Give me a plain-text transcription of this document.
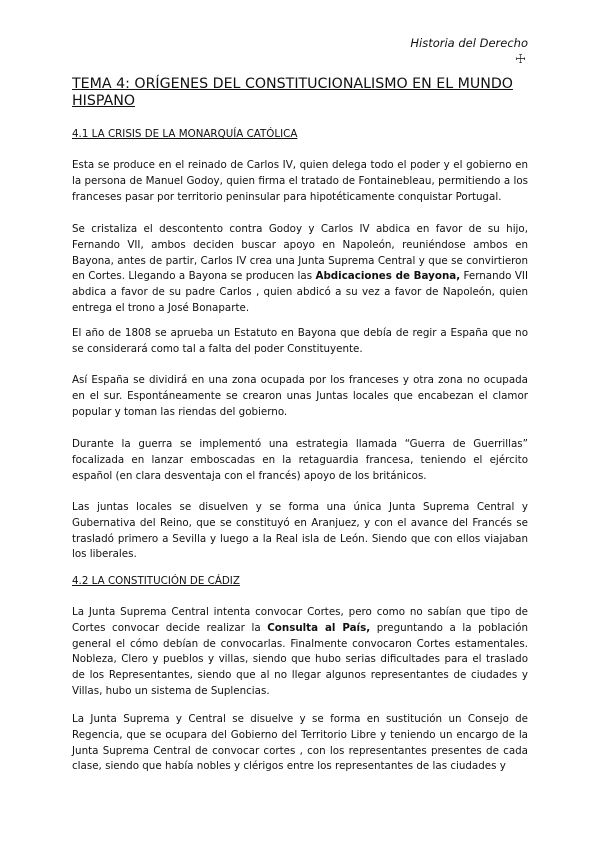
Historia del Derecho
☩
TEMA 4: ORÍGENES DEL CONSTITUCIONALISMO EN EL MUNDO HISPANO
4.1 LA CRISIS DE LA MONARQUÍA CATÓLICA

Esta se produce en el reinado de Carlos IV, quien delega todo el poder y el gobierno en la persona de Manuel Godoy, quien firma el tratado de Fontainebleau, permitiendo a los franceses pasar por territorio peninsular para hipotéticamente conquistar Portugal.

Se cristaliza el descontento contra Godoy y Carlos IV abdica en favor de su hijo, Fernando VII, ambos deciden buscar apoyo en Napoleón, reuniéndose ambos en Bayona, antes de partir, Carlos IV crea una Junta Suprema Central y que se convirtieron en Cortes. Llegando a Bayona se producen las Abdicaciones de Bayona, Fernando VII abdica a favor de su padre Carlos , quien abdicó a su vez a favor de Napoleón, quien entrega el trono a José Bonaparte.

El año de 1808 se aprueba un Estatuto en Bayona que debía de regir a España que no se considerará como tal a falta del poder Constituyente.

Así España se dividirá en una zona ocupada por los franceses y otra zona no ocupada en el sur. Espontáneamente se crearon unas Juntas locales que encabezan el clamor popular y toman las riendas del gobierno.

Durante la guerra se implementó una estrategia llamada “Guerra de Guerrillas” focalizada en lanzar emboscadas en la retaguardia francesa, teniendo el ejército español (en clara desventaja con el francés) apoyo de los británicos.

Las juntas locales se disuelven y se forma una única Junta Suprema Central y Gubernativa del Reino, que se constituyó en Aranjuez, y con el avance del Francés se trasladó primero a Sevilla y luego a la Real isla de León. Siendo que con ellos viajaban los liberales.

4.2 LA CONSTITUCIÓN DE CÁDIZ

La Junta Suprema Central intenta convocar Cortes, pero como no sabían que tipo de Cortes convocar decide realizar la Consulta al País, preguntando a la población general el cómo debían de convocarlas. Finalmente convocaron Cortes estamentales. Nobleza, Clero y pueblos y villas, siendo que hubo serias dificultades para el traslado de los Representantes, siendo que al no llegar algunos representantes de ciudades y Villas, hubo un sistema de Suplencias.

La Junta Suprema y Central se disuelve y se forma en sustitución un Consejo de Regencia, que se ocupara del Gobierno del Territorio Libre y teniendo un encargo de la Junta Suprema Central de convocar cortes , con los representantes presentes de cada clase, siendo que había nobles y clérigos entre los representantes de las ciudades y
